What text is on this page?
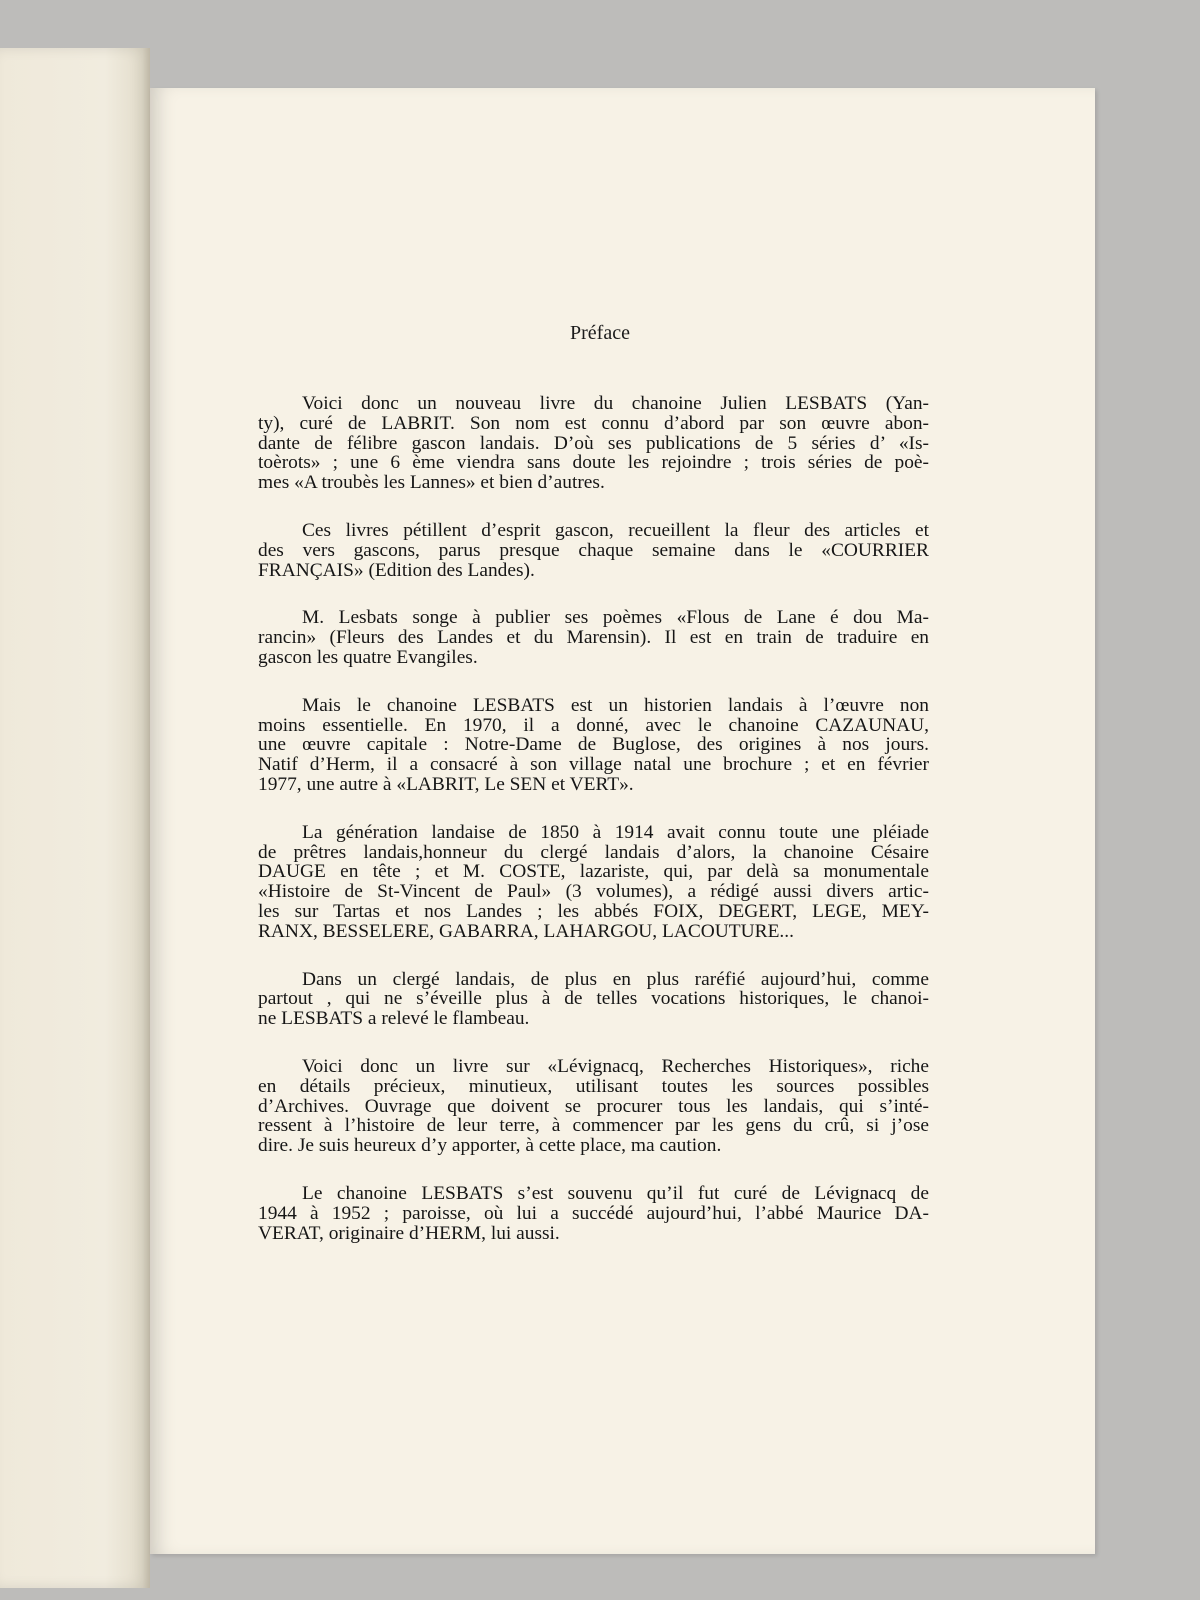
Préface
Voici donc un nouveau livre du chanoine Julien LESBATS (Yan-
ty), curé de LABRIT. Son nom est connu d’abord par son œuvre abon-
dante de félibre gascon landais. D’où ses publications de 5 séries d’ «Is-
toèrots» ; une 6 ème viendra sans doute les rejoindre ; trois séries de poè-
mes «A troubès les Lannes» et bien d’autres.
Ces livres pétillent d’esprit gascon, recueillent la fleur des articles et
des vers gascons, parus presque chaque semaine dans le «COURRIER
FRANÇAIS» (Edition des Landes).
M. Lesbats songe à publier ses poèmes «Flous de Lane é dou Ma-
rancin» (Fleurs des Landes et du Marensin). Il est en train de traduire en
gascon les quatre Evangiles.
Mais le chanoine LESBATS est un historien landais à l’œuvre non
moins essentielle. En 1970, il a donné, avec le chanoine CAZAUNAU,
une œuvre capitale : Notre-Dame de Buglose, des origines à nos jours.
Natif d’Herm, il a consacré à son village natal une brochure ; et en février
1977, une autre à «LABRIT, Le SEN et VERT».
La génération landaise de 1850 à 1914 avait connu toute une pléiade
de prêtres landais,honneur du clergé landais d’alors, la chanoine Césaire
DAUGE en tête ; et M. COSTE, lazariste, qui, par delà sa monumentale
«Histoire de St-Vincent de Paul» (3 volumes), a rédigé aussi divers artic-
les sur Tartas et nos Landes ; les abbés FOIX, DEGERT, LEGE, MEY-
RANX, BESSELERE, GABARRA, LAHARGOU, LACOUTURE...
Dans un clergé landais, de plus en plus raréfié aujourd’hui, comme
partout , qui ne s’éveille plus à de telles vocations historiques, le chanoi-
ne LESBATS a relevé le flambeau.
Voici donc un livre sur «Lévignacq, Recherches Historiques», riche
en détails précieux, minutieux, utilisant toutes les sources possibles
d’Archives. Ouvrage que doivent se procurer tous les landais, qui s’inté-
ressent à l’histoire de leur terre, à commencer par les gens du crû, si j’ose
dire. Je suis heureux d’y apporter, à cette place, ma caution.
Le chanoine LESBATS s’est souvenu qu’il fut curé de Lévignacq de
1944 à 1952 ; paroisse, où lui a succédé aujourd’hui, l’abbé Maurice DA-
VERAT, originaire d’HERM, lui aussi.
